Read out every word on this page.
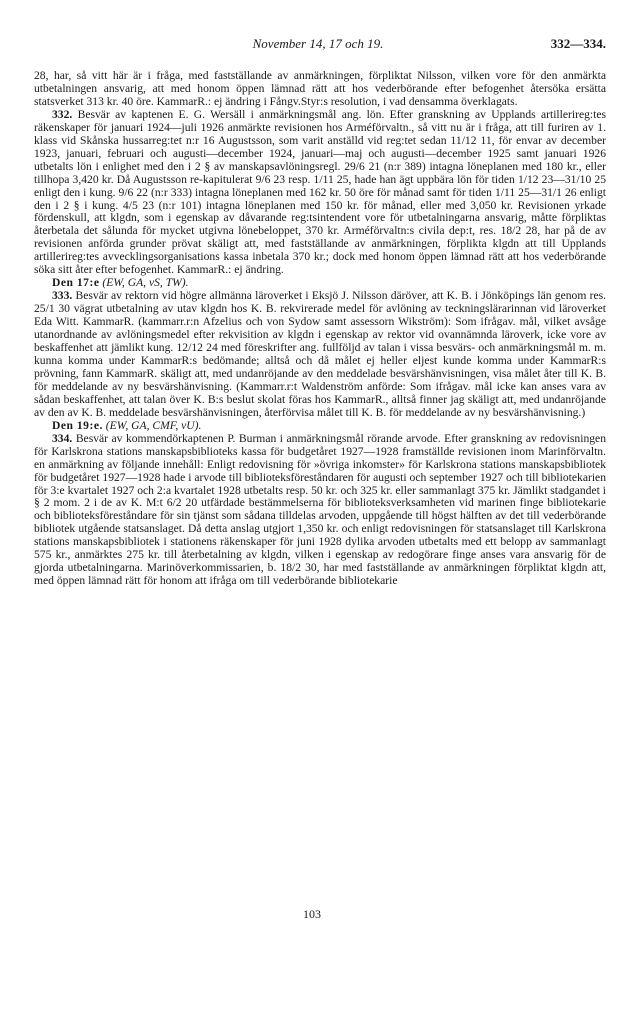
November 14, 17 och 19.	332—334.

28, har, så vitt här är i fråga, med fastställande av anmärkningen, förpliktat Nilsson, vilken vore för den anmärkta utbetalningen ansvarig, att med honom öppen lämnad rätt att hos vederbörande efter befogenhet återsöka ersätta statsverket 313 kr. 40 öre. KammarR.: ej ändring i Fångv.Styr:s resolution, i vad densamma överklagats.

332. Besvär av kaptenen E. G. Wersäll i anmärkningsmål ang. lön. Efter granskning av Upplands artillerireg:tes räkenskaper för januari 1924—juli 1926 anmärkte revisionen hos Arméförvaltn., så vitt nu är i fråga, att till furiren av 1. klass vid Skånska hussarreg:tet n:r 16 Augustsson, som varit anställd vid reg:tet sedan 11/12 11, för envar av december 1923, januari, februari och augusti—december 1924, januari—maj och augusti—december 1925 samt januari 1926 utbetalts lön i enlighet med den i 2 § av manskapsavlöningsregl. 29/6 21 (n:r 389) intagna löneplanen med 180 kr., eller tillhopa 3,420 kr. Då Augustsson re-kapitulerat 9/6 23 resp. 1/11 25, hade han ägt uppbära lön för tiden 1/12 23—31/10 25 enligt den i kung. 9/6 22 (n:r 333) intagna löneplanen med 162 kr. 50 öre för månad samt för tiden 1/11 25—31/1 26 enligt den i 2 § i kung. 4/5 23 (n:r 101) intagna löneplanen med 150 kr. för månad, eller med 3,050 kr. Revisionen yrkade fördenskull, att klgdn, som i egenskap av dåvarande reg:tsintendent vore för utbetalningarna ansvarig, måtte förpliktas återbetala det sålunda för mycket utgivna lönebeloppet, 370 kr. Arméförvaltn:s civila dep:t, res. 18/2 28, har på de av revisionen anförda grunder prövat skäligt att, med fastställande av anmärkningen, förplikta klgdn att till Upplands artillerireg:tes avvecklingsorganisations kassa inbetala 370 kr.; dock med honom öppen lämnad rätt att hos vederbörande söka sitt åter efter befogenhet. KammarR.: ej ändring.

Den 17:e (EW, GA, vS, TW).

333. Besvär av rektorn vid högre allmänna läroverket i Eksjö J. Nilsson däröver, att K. B. i Jönköpings län genom res. 25/1 30 vägrat utbetalning av utav klgdn hos K. B. rekvirerade medel för avlöning av teckningslärarinnan vid läroverket Eda Witt. KammarR. (kammarr.r:n Afzelius och von Sydow samt assessorn Wikström): Som ifrågav. mål, vilket avsåge utanordnande av avlöningsmedel efter rekvisition av klgdn i egenskap av rektor vid ovannämnda läroverk, icke vore av beskaffenhet att jämlikt kung. 12/12 24 med föreskrifter ang. fullföljd av talan i vissa besvärs- och anmärkningsmål m. m. kunna komma under KammarR:s bedömande; alltså och då målet ej heller eljest kunde komma under KammarR:s prövning, fann KammarR. skäligt att, med undanröjande av den meddelade besvärshänvisningen, visa målet åter till K. B. för meddelande av ny besvärshänvisning. (Kammarr.r:t Waldenström anförde: Som ifrågav. mål icke kan anses vara av sådan beskaffenhet, att talan över K. B:s beslut skolat föras hos KammarR., alltså finner jag skäligt att, med undanröjande av den av K. B. meddelade besvärshänvisningen, återförvisa målet till K. B. för meddelande av ny besvärshänvisning.)

Den 19:e. (EW, GA, CMF, vU).

334. Besvär av kommendörkaptenen P. Burman i anmärkningsmål rörande arvode. Efter granskning av redovisningen för Karlskrona stations manskapsbiblioteks kassa för budgetåret 1927—1928 framställde revisionen inom Marinförvaltn. en anmärkning av följande innehåll: Enligt redovisning för »övriga inkomster» för Karlskrona stations manskapsbibliotek för budgetåret 1927—1928 hade i arvode till biblioteksföreståndaren för augusti och september 1927 och till bibliotekarien för 3:e kvartalet 1927 och 2:a kvartalet 1928 utbetalts resp. 50 kr. och 325 kr. eller sammanlagt 375 kr. Jämlikt stadgandet i § 2 mom. 2 i de av K. M:t 6/2 20 utfärdade bestämmelserna för biblioteksverksamheten vid marinen finge bibliotekarie och biblioteksföreståndare för sin tjänst som sådana tilldelas arvoden, uppgående till högst hälften av det till vederbörande bibliotek utgående statsanslaget. Då detta anslag utgjort 1,350 kr. och enligt redovisningen för statsanslaget till Karlskrona stations manskapsbibliotek i stationens räkenskaper för juni 1928 dylika arvoden utbetalts med ett belopp av sammanlagt 575 kr., anmärktes 275 kr. till återbetalning av klgdn, vilken i egenskap av redogörare finge anses vara ansvarig för de gjorda utbetalningarna. Marinöverkommissarien, b. 18/2 30, har med fastställande av anmärkningen förpliktat klgdn att, med öppen lämnad rätt för honom att ifråga om till vederbörande bibliotekarie

103
